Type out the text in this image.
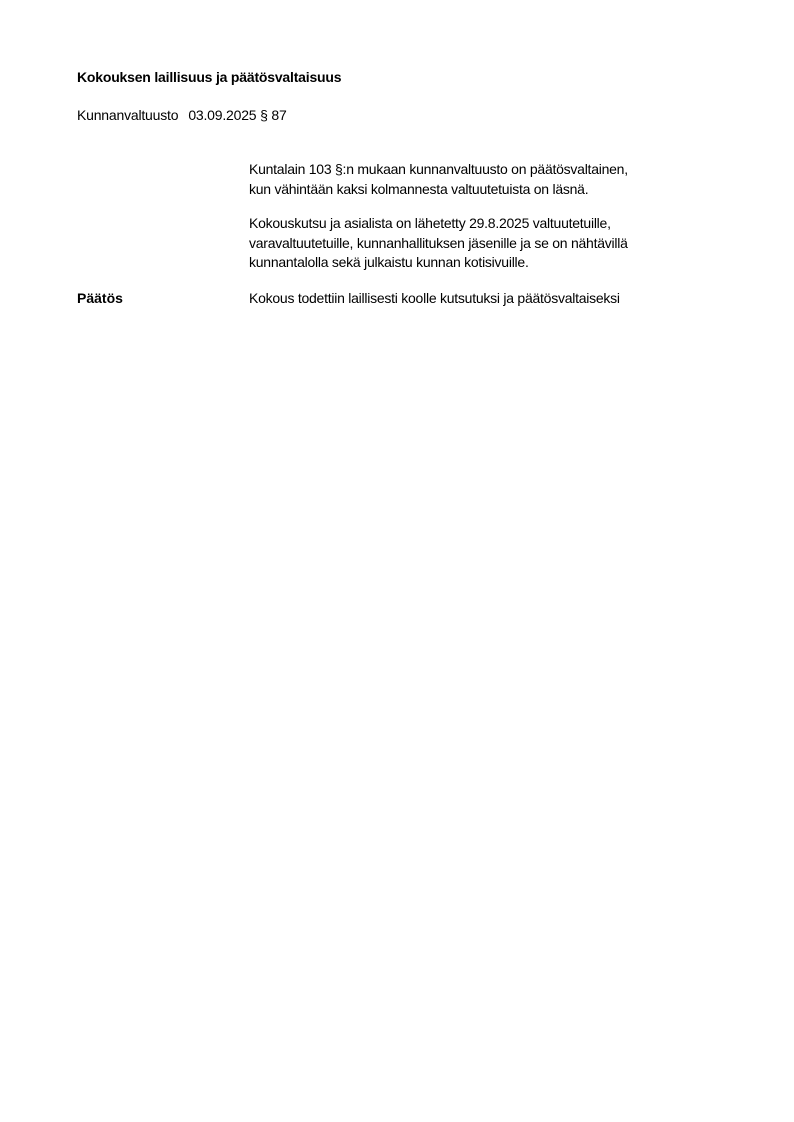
Kokouksen laillisuus ja päätösvaltaisuus
Kunnanvaltuusto 03.09.2025 § 87
Kuntalain 103 §:n mukaan kunnanvaltuusto on päätösvaltainen,
kun vähintään kaksi kolmannesta valtuutetuista on läsnä.
Kokouskutsu ja asialista on lähetetty 29.8.2025 valtuutetuille,
varavaltuutetuille, kunnanhallituksen jäsenille ja se on nähtävillä
kunnantalolla sekä julkaistu kunnan kotisivuille.
Päätös	Kokous todettiin laillisesti koolle kutsutuksi ja päätösvaltaiseksi
